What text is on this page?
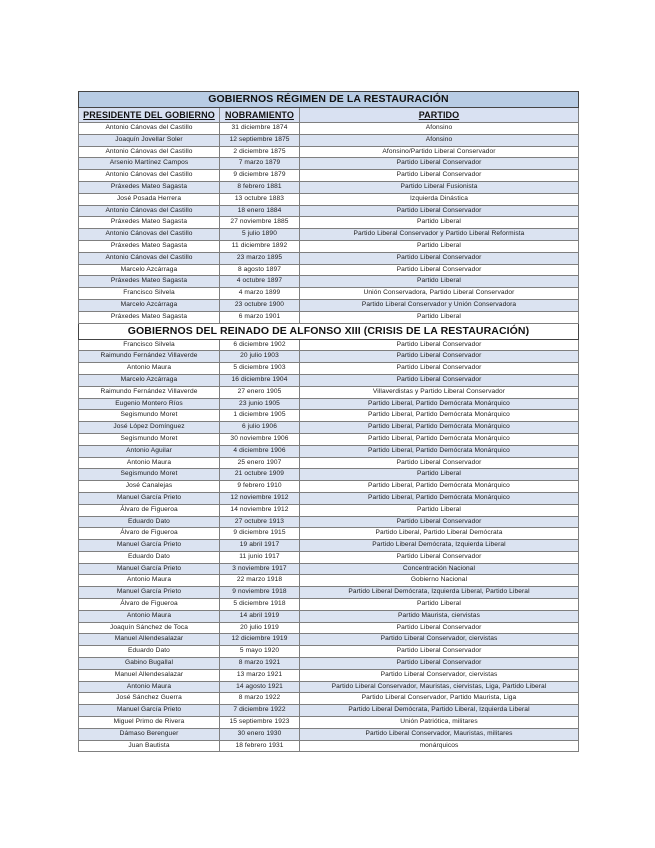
GOBIERNOS RÉGIMEN DE LA RESTAURACIÓN		
PRESIDENTE DEL GOBIERNO	NOBRAMIENTO	PARTIDO
Antonio Cánovas del Castillo	31 diciembre 1874	Afonsino
Joaquín Jovellar Soler	12 septiembre 1875	Afonsino
Antonio Cánovas del Castillo	2 diciembre 1875	Afonsino/Partido Liberal Conservador
Arsenio Martínez Campos	7 marzo 1879	Partido Liberal Conservador
Antonio Cánovas del Castillo	9 diciembre 1879	Partido Liberal Conservador
Práxedes Mateo Sagasta	8 febrero 1881	Partido Liberal Fusionista
José Posada Herrera	13 octubre 1883	Izquierda Dinástica
Antonio Cánovas del Castillo	18 enero 1884	Partido Liberal Conservador
Práxedes Mateo Sagasta	27 noviembre 1885	Partido Liberal
Antonio Cánovas del Castillo	5 julio 1890	Partido Liberal Conservador y Partido Liberal Reformista
Práxedes Mateo Sagasta	11 diciembre 1892	Partido Liberal
Antonio Cánovas del Castillo	23 marzo 1895	Partido Liberal Conservador
Marcelo Azcárraga	8 agosto 1897	Partido Liberal Conservador
Práxedes Mateo Sagasta	4 octubre 1897	Partido Liberal
Francisco Silvela	4 marzo 1899	Unión Conservadora, Partido Liberal Conservador
Marcelo Azcárraga	23 octubre 1900	Partido Liberal Conservador y Unión Conservadora
Práxedes Mateo Sagasta	6 marzo 1901	Partido Liberal
GOBIERNOS DEL REINADO DE ALFONSO XIII (CRISIS DE LA RESTAURACIÓN)		
Francisco Silvela	6 diciembre 1902	Partido Liberal Conservador
Raimundo Fernández Villaverde	20 julio 1903	Partido Liberal Conservador
Antonio Maura	5 diciembre 1903	Partido Liberal Conservador
Marcelo Azcárraga	16 diciembre 1904	Partido Liberal Conservador
Raimundo Fernández Villaverde	27 enero 1905	Villaverdistas y Partido Liberal Conservador
Eugenio Montero Ríos	23 junio 1905	Partido Liberal, Partido Demócrata Monárquico
Segismundo Moret	1 diciembre 1905	Partido Liberal, Partido Demócrata Monárquico
José López Domínguez	6 julio 1906	Partido Liberal, Partido Demócrata Monárquico
Segismundo Moret	30 noviembre 1906	Partido Liberal, Partido Demócrata Monárquico
Antonio Aguilar	4 diciembre 1906	Partido Liberal, Partido Demócrata Monárquico
Antonio Maura	25 enero 1907	Partido Liberal Conservador
Segismundo Moret	21 octubre 1909	Partido Liberal
José Canalejas	9 febrero 1910	Partido Liberal, Partido Demócrata Monárquico
Manuel García Prieto	12 noviembre 1912	Partido Liberal, Partido Demócrata Monárquico
Álvaro de Figueroa	14 noviembre 1912	Partido Liberal
Eduardo Dato	27 octubre 1913	Partido Liberal Conservador
Álvaro de Figueroa	9 diciembre 1915	Partido Liberal, Partido Liberal Demócrata
Manuel García Prieto	19 abril 1917	Partido Liberal Demócrata, Izquierda Liberal
Eduardo Dato	11 junio 1917	Partido Liberal Conservador
Manuel García Prieto	3 noviembre 1917	Concentración Nacional
Antonio Maura	22 marzo 1918	Gobierno Nacional
Manuel García Prieto	9 noviembre 1918	Partido Liberal Demócrata, Izquierda Liberal, Partido Liberal
Álvaro de Figueroa	5 diciembre 1918	Partido Liberal
Antonio Maura	14 abril 1919	Partido Maurista, ciervistas
Joaquín Sánchez de Toca	20 julio 1919	Partido Liberal Conservador
Manuel Allendesalazar	12 diciembre 1919	Partido Liberal Conservador, ciervistas
Eduardo Dato	5 mayo 1920	Partido Liberal Conservador
Gabino Bugallal	8 marzo 1921	Partido Liberal Conservador
Manuel Allendesalazar	13 marzo 1921	Partido Liberal Conservador, ciervistas
Antonio Maura	14 agosto 1921	Partido Liberal Conservador, Mauristas, ciervistas, Liga, Partido Liberal
José Sánchez Guerra	8 marzo 1922	Partido Liberal Conservador, Partido Maurista, Liga
Manuel García Prieto	7 diciembre 1922	Partido Liberal Demócrata, Partido Liberal, Izquierda Liberal
Miguel Primo de Rivera	15 septiembre 1923	Unión Patriótica, militares
Dámaso Berenguer	30 enero 1930	Partido Liberal Conservador, Mauristas, militares
Juan Bautista	18 febrero 1931	monárquicos
